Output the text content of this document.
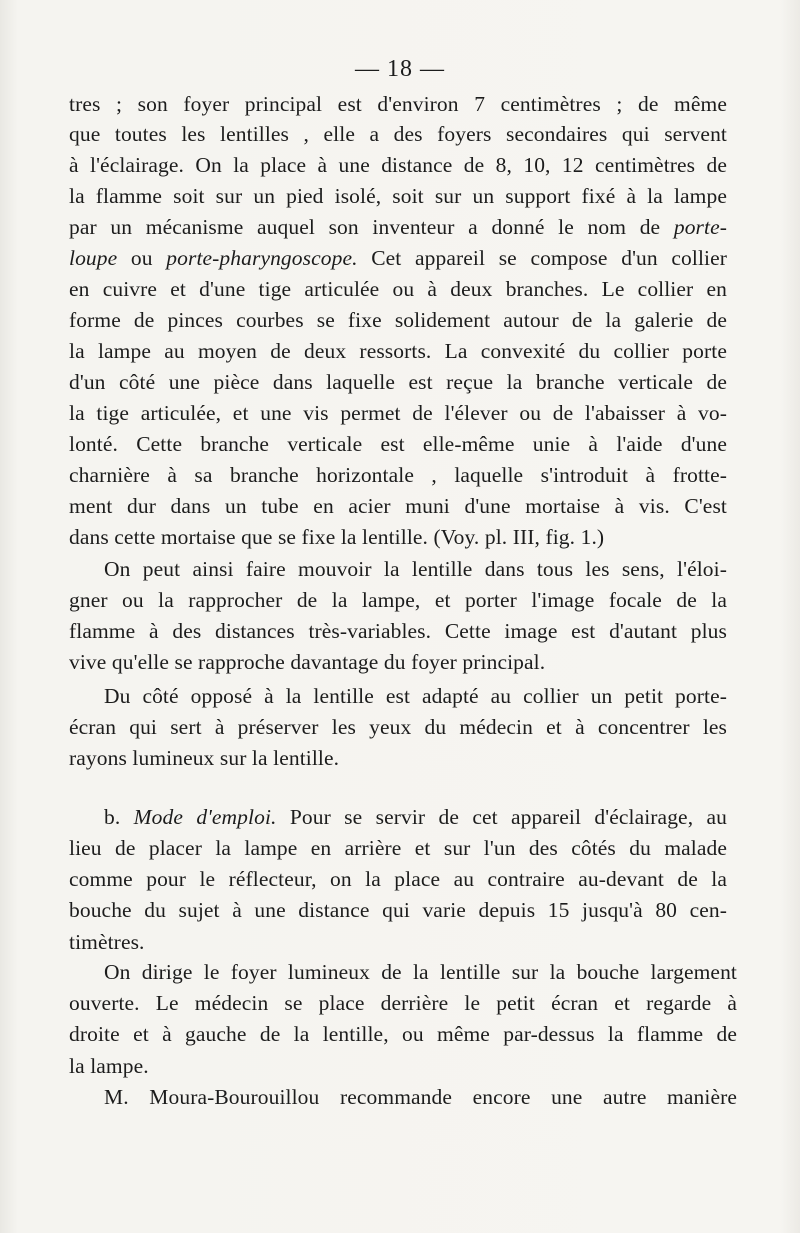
— 18 —
tres ; son foyer principal est d'environ 7 centimètres ; de même
que toutes les lentilles , elle a des foyers secondaires qui servent
à l'éclairage. On la place à une distance de 8, 10, 12 centimètres de
la flamme soit sur un pied isolé, soit sur un support fixé à la lampe
par un mécanisme auquel son inventeur a donné le nom de porte-
loupe ou porte-pharyngoscope. Cet appareil se compose d'un collier
en cuivre et d'une tige articulée ou à deux branches. Le collier en
forme de pinces courbes se fixe solidement autour de la galerie de
la lampe au moyen de deux ressorts. La convexité du collier porte
d'un côté une pièce dans laquelle est reçue la branche verticale de
la tige articulée, et une vis permet de l'élever ou de l'abaisser à vo-
lonté. Cette branche verticale est elle-même unie à l'aide d'une
charnière à sa branche horizontale , laquelle s'introduit à frotte-
ment dur dans un tube en acier muni d'une mortaise à vis. C'est
dans cette mortaise que se fixe la lentille. (Voy. pl. III, fig. 1.)
On peut ainsi faire mouvoir la lentille dans tous les sens, l'éloi-
gner ou la rapprocher de la lampe, et porter l'image focale de la
flamme à des distances très-variables. Cette image est d'autant plus
vive qu'elle se rapproche davantage du foyer principal.
Du côté opposé à la lentille est adapté au collier un petit porte-
écran qui sert à préserver les yeux du médecin et à concentrer les
rayons lumineux sur la lentille.
b. Mode d'emploi. Pour se servir de cet appareil d'éclairage, au
lieu de placer la lampe en arrière et sur l'un des côtés du malade
comme pour le réflecteur, on la place au contraire au-devant de la
bouche du sujet à une distance qui varie depuis 15 jusqu'à 80 cen-
timètres.
On dirige le foyer lumineux de la lentille sur la bouche largement
ouverte. Le médecin se place derrière le petit écran et regarde à
droite et à gauche de la lentille, ou même par-dessus la flamme de
la lampe.
M. Moura-Bourouillou recommande encore une autre manière
